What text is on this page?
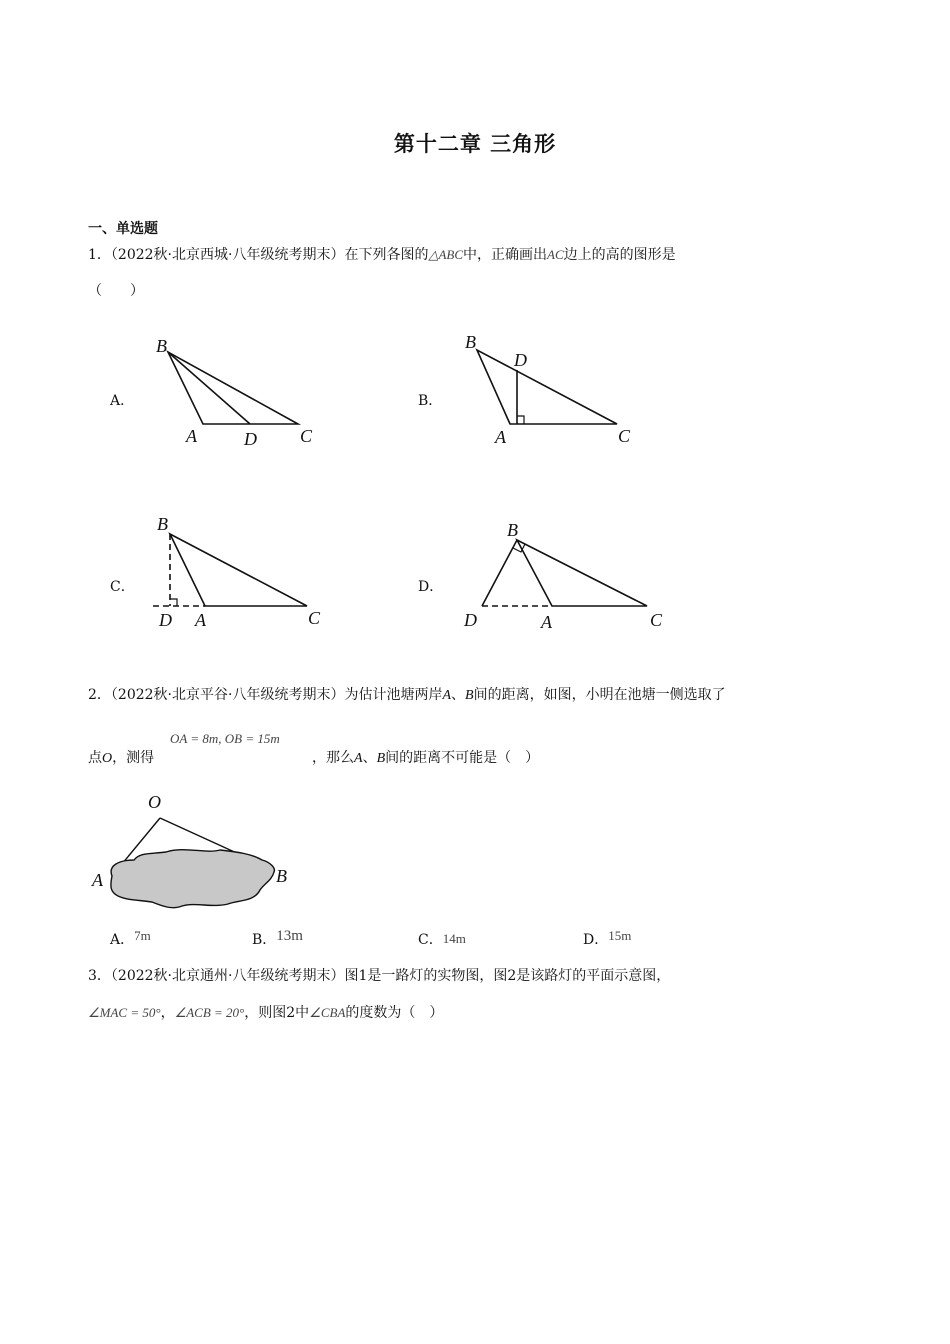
第十二章 三角形
一、单选题
1．（2022秋·北京西城·八年级统考期末）在下列各图的△ABC中，正确画出AC边上的高的图形是
（　　）
A．
B
A	D C
B．
B
D
A	C
C．
B
D A	C
D．
B
D	A	C
2．（2022秋·北京平谷·八年级统考期末）为估计池塘两岸A、B间的距离，如图，小明在池塘一侧选取了
OA = 8m, OB = 15m
点O，测得	，那么A、B间的距离不可能是（　）
O
A	B
A．7m	B．13m	C．14m	D．15m
3．（2022秋·北京通州·八年级统考期末）图1是一路灯的实物图，图2是该路灯的平面示意图，
∠MAC = 50°，∠ACB = 20°，则图2中∠CBA的度数为（　）
